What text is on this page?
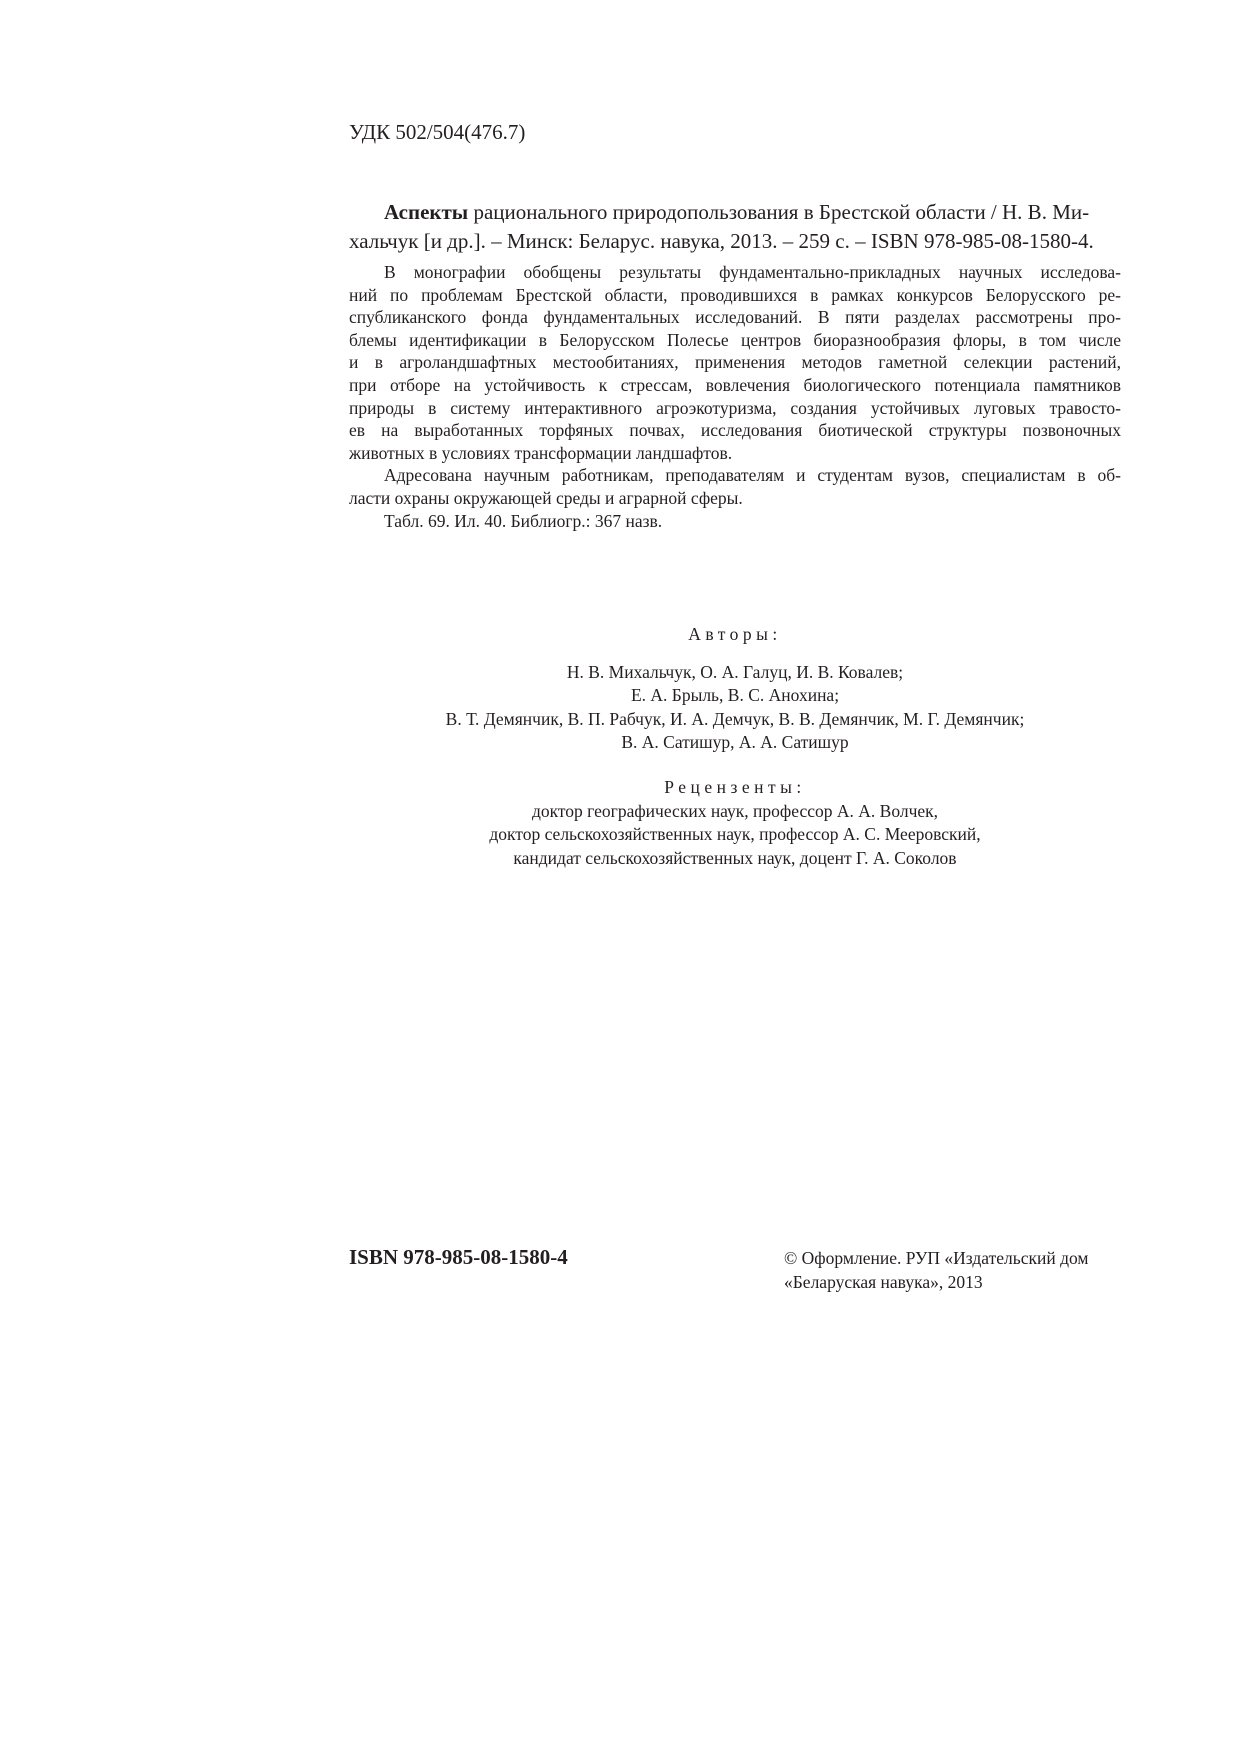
УДК 502/504(476.7)

Аспекты рационального природопользования в Брестской области / Н. В. Ми-

хальчук [и др.]. – Минск: Беларус. навука, 2013. – 259 с. – ISBN 978-985-08-1580-4.

В монографии обобщены результаты фундаментально-прикладных научных исследова-
ний по проблемам Брестской области, проводившихся в рамках конкурсов Белорусского ре-
спубликанского фонда фундаментальных исследований. В пяти разделах рассмотрены про-
блемы идентификации в Белорусском Полесье центров биоразнообразия флоры, в том числе
и в агроландшафтных местообитаниях, применения методов гаметной селекции растений,
при отборе на устойчивость к стрессам, вовлечения биологического потенциала памятников
природы в систему интерактивного агроэкотуризма, создания устойчивых луговых травосто-
ев на выработанных торфяных почвах, исследования биотической структуры позвоночных
животных в условиях трансформации ландшафтов.
Адресована научным работникам, преподавателям и студентам вузов, специалистам в об-
ласти охраны окружающей среды и аграрной сферы.
Табл. 69. Ил. 40. Библиогр.: 367 назв.
Авторы:
Н. В. Михальчук, О. А. Галуц, И. В. Ковалев;
Е. А. Брыль, В. С. Анохина;
В. Т. Демянчик, В. П. Рабчук, И. А. Демчук, В. В. Демянчик, М. Г. Демянчик;
В. А. Сатишур, А. А. Сатишур
Рецензенты:
доктор географических наук, профессор А. А. Волчек,
доктор сельскохозяйственных наук, профессор А. С. Мееровский,
кандидат сельскохозяйственных наук, доцент Г. А. Соколов
ISBN 978-985-08-1580-4	© Оформление. РУП «Издательский дом
«Беларуская навука», 2013
